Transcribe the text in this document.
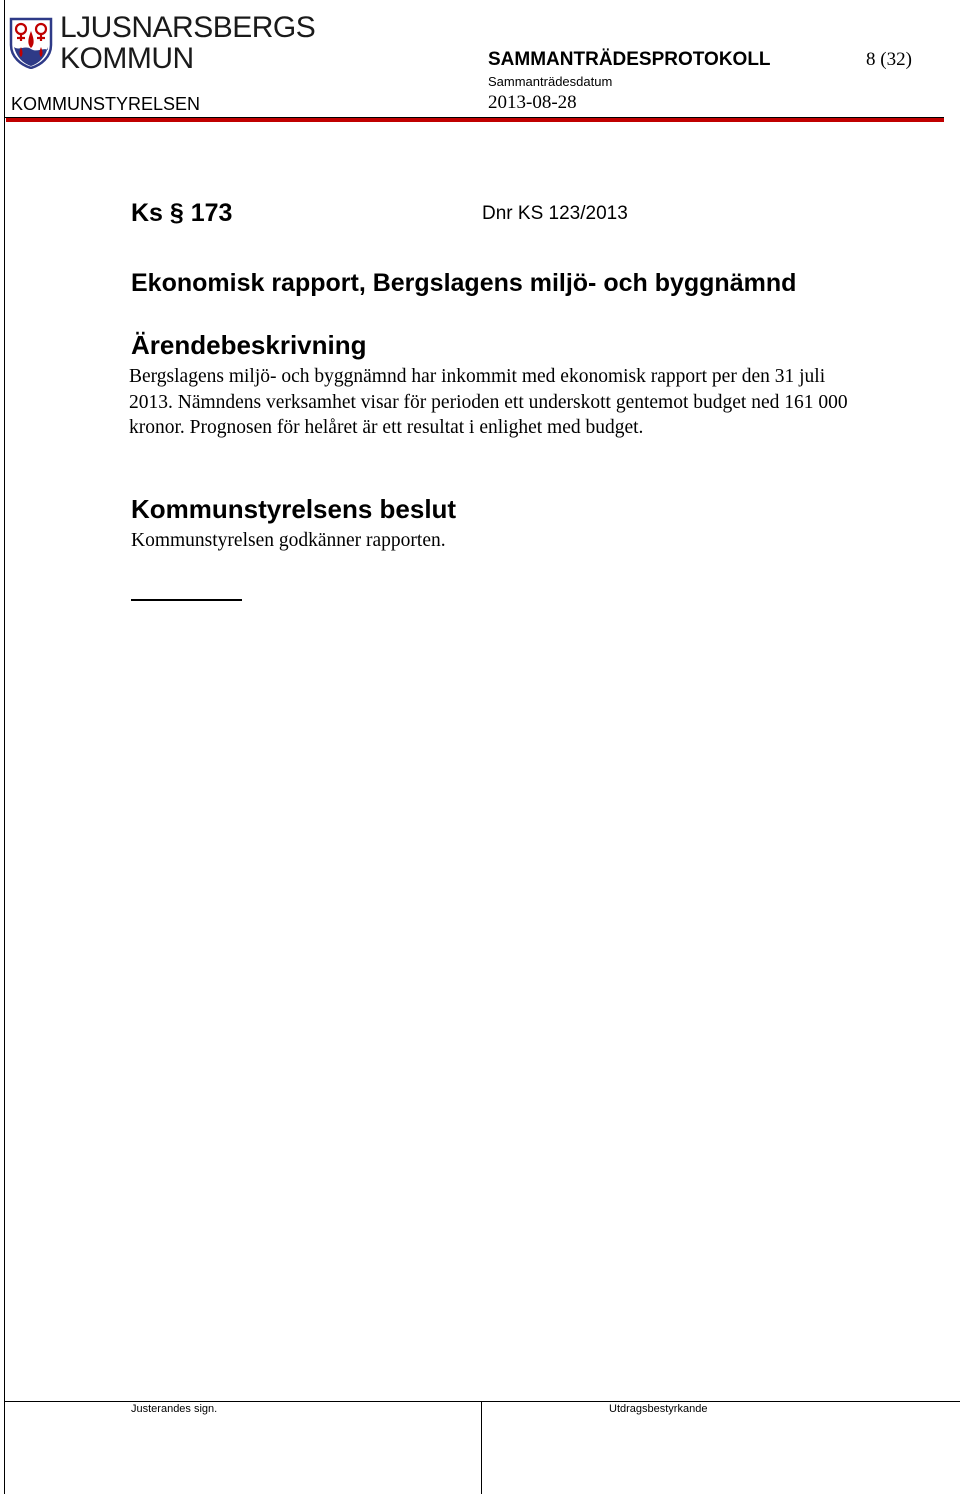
LJUSNARSBERGS
KOMMUN
KOMMUNSTYRELSEN
SAMMANTRÄDESPROTOKOLL
Sammanträdesdatum
2013-08-28
8 (32)
Ks § 173	Dnr KS 123/2013
Ekonomisk rapport, Bergslagens miljö- och byggnämnd
Ärendebeskrivning
Bergslagens miljö- och byggnämnd har inkommit med ekonomisk rapport per den 31 juli 2013. Nämndens verksamhet visar för perioden ett underskott gentemot budget ned 161 000 kronor. Prognosen för helåret är ett resultat i enlighet med budget.
Kommunstyrelsens beslut
Kommunstyrelsen godkänner rapporten.
Justerandes sign.	Utdragsbestyrkande
